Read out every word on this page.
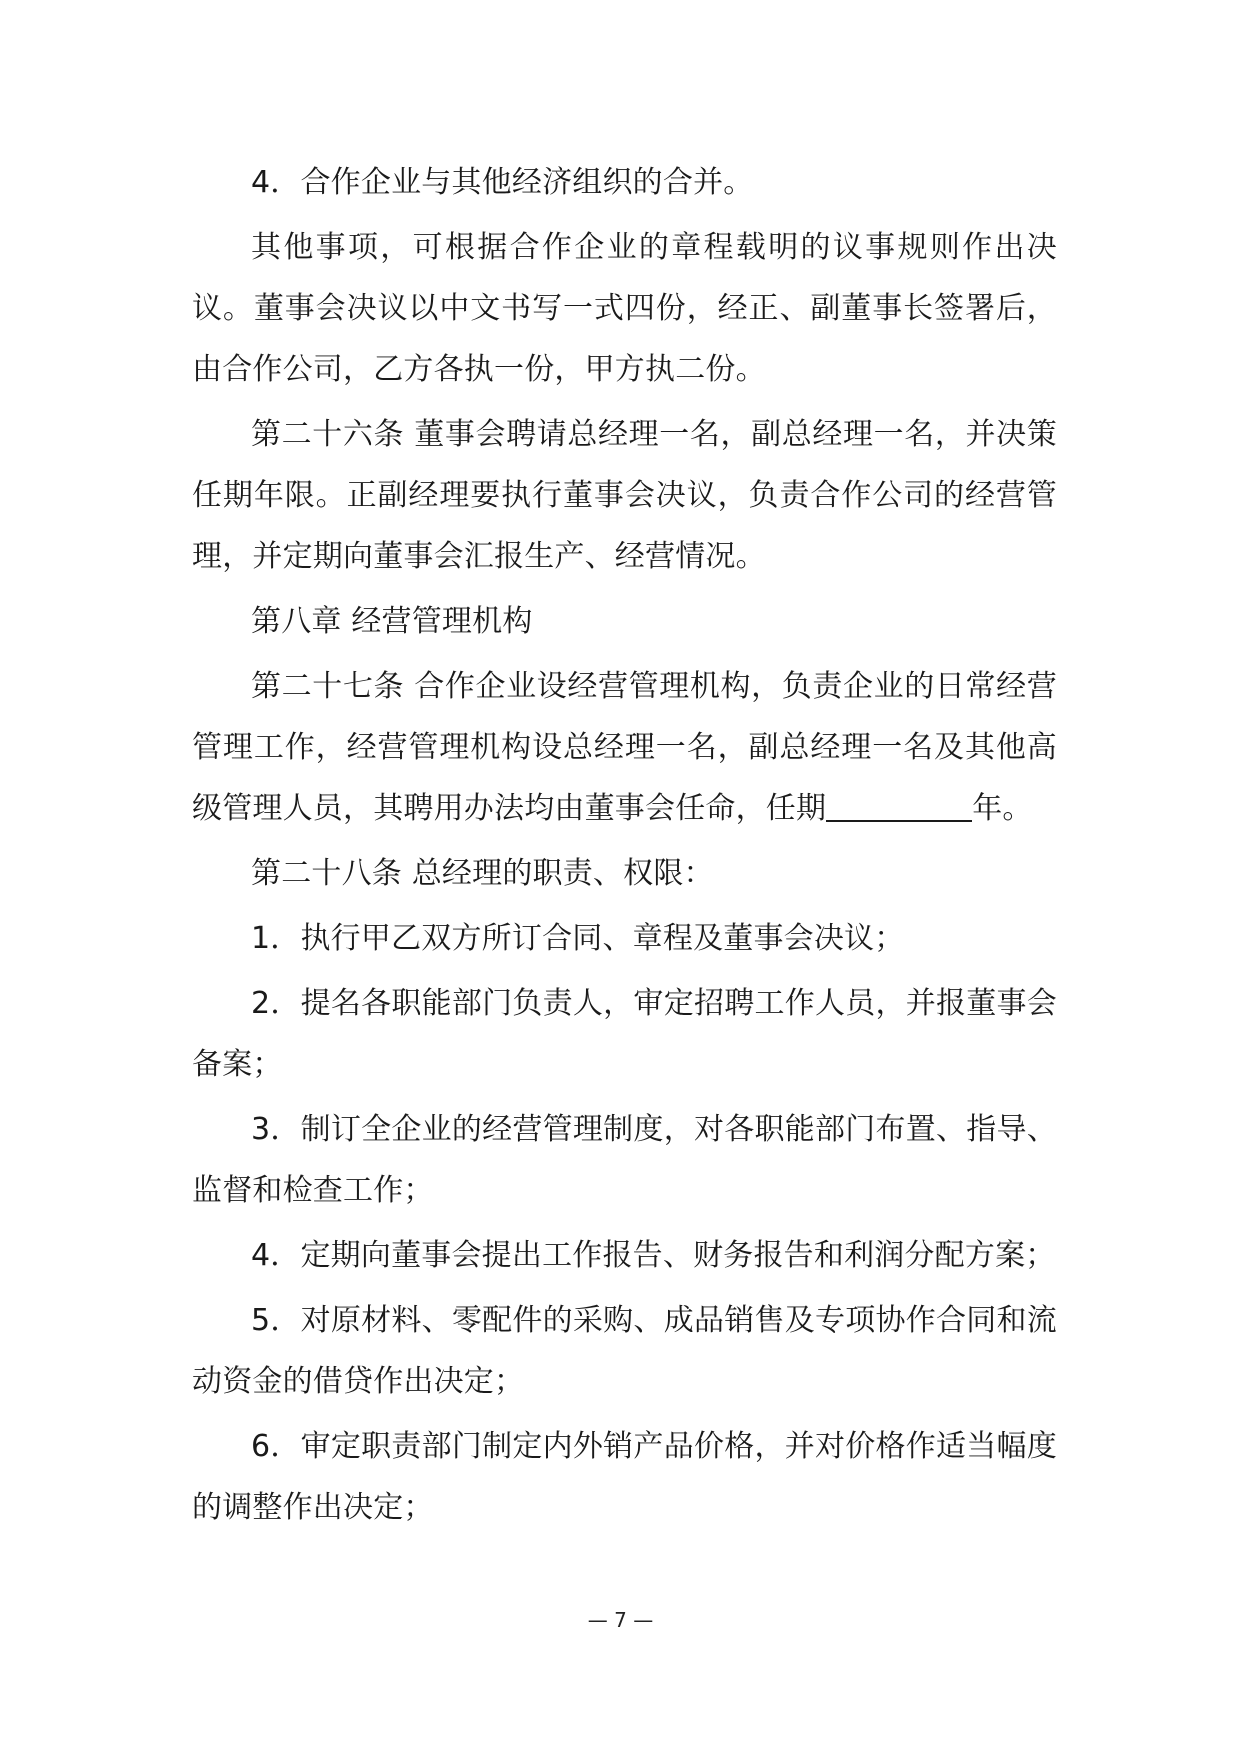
4．合作企业与其他经济组织的合并。

其他事项，可根据合作企业的章程载明的议事规则作出决议。董事会决议以中文书写一式四份，经正、副董事长签署后，由合作公司，乙方各执一份，甲方执二份。

第二十六条 董事会聘请总经理一名，副总经理一名，并决策任期年限。正副经理要执行董事会决议，负责合作公司的经营管理，并定期向董事会汇报生产、经营情况。

第八章 经营管理机构

第二十七条 合作企业设经营管理机构，负责企业的日常经营管理工作，经营管理机构设总经理一名，副总经理一名及其他高级管理人员，其聘用办法均由董事会任命，任期	年。

第二十八条 总经理的职责、权限：

1．执行甲乙双方所订合同、章程及董事会决议；

2．提名各职能部门负责人，审定招聘工作人员，并报董事会备案；

3．制订全企业的经营管理制度，对各职能部门布置、指导、监督和检查工作；

4．定期向董事会提出工作报告、财务报告和利润分配方案；

5．对原材料、零配件的采购、成品销售及专项协作合同和流动资金的借贷作出决定；

6．审定职责部门制定内外销产品价格，并对价格作适当幅度的调整作出决定；

— 7 —
